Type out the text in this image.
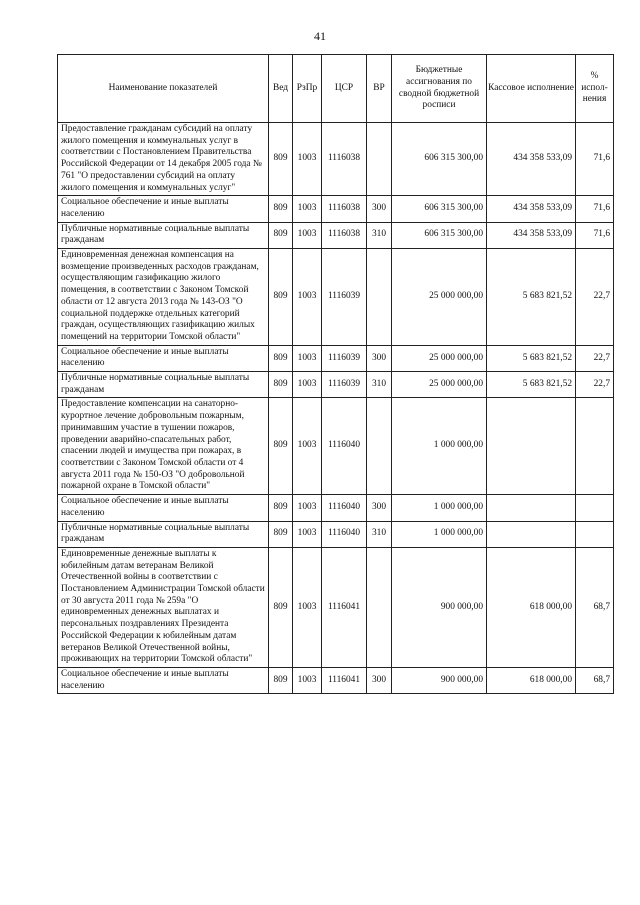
41
Наименование показателей	Вед	РзПр	ЦСР	ВР	Бюджетные ассигнования по сводной бюджетной росписи	Кассовое исполнение	% испол-нения
Предоставление гражданам субсидий на оплату жилого помещения и коммунальных услуг в соответствии с Постановлением Правительства Российской Федерации от 14 декабря 2005 года № 761 "О предоставлении субсидий на оплату жилого помещения и коммунальных услуг"	809	1003	1116038		606 315 300,00	434 358 533,09	71,6
Социальное обеспечение и иные выплаты населению	809	1003	1116038	300	606 315 300,00	434 358 533,09	71,6
Публичные нормативные социальные выплаты гражданам	809	1003	1116038	310	606 315 300,00	434 358 533,09	71,6
Единовременная денежная компенсация на возмещение произведенных расходов гражданам, осуществляющим газификацию жилого помещения, в соответствии с Законом Томской области от 12 августа 2013 года № 143-ОЗ "О социальной поддержке отдельных категорий граждан, осуществляющих газификацию жилых помещений на территории Томской области"	809	1003	1116039		25 000 000,00	5 683 821,52	22,7
Социальное обеспечение и иные выплаты населению	809	1003	1116039	300	25 000 000,00	5 683 821,52	22,7
Публичные нормативные социальные выплаты гражданам	809	1003	1116039	310	25 000 000,00	5 683 821,52	22,7
Предоставление компенсации на санаторно-курортное лечение добровольным пожарным, принимавшим участие в тушении пожаров, проведении аварийно-спасательных работ, спасении людей и имущества при пожарах, в соответствии с Законом Томской области от 4 августа 2011 года № 150-ОЗ "О добровольной пожарной охране в Томской области"	809	1003	1116040		1 000 000,00		
Социальное обеспечение и иные выплаты населению	809	1003	1116040	300	1 000 000,00		
Публичные нормативные социальные выплаты гражданам	809	1003	1116040	310	1 000 000,00		
Единовременные денежные выплаты к юбилейным датам ветеранам Великой Отечественной войны в соответствии с Постановлением Администрации Томской области от 30 августа 2011 года № 259а "О единовременных денежных выплатах и персональных поздравлениях Президента Российской Федерации к юбилейным датам ветеранов Великой Отечественной войны, проживающих на территории Томской области"	809	1003	1116041		900 000,00	618 000,00	68,7
Социальное обеспечение и иные выплаты населению	809	1003	1116041	300	900 000,00	618 000,00	68,7
